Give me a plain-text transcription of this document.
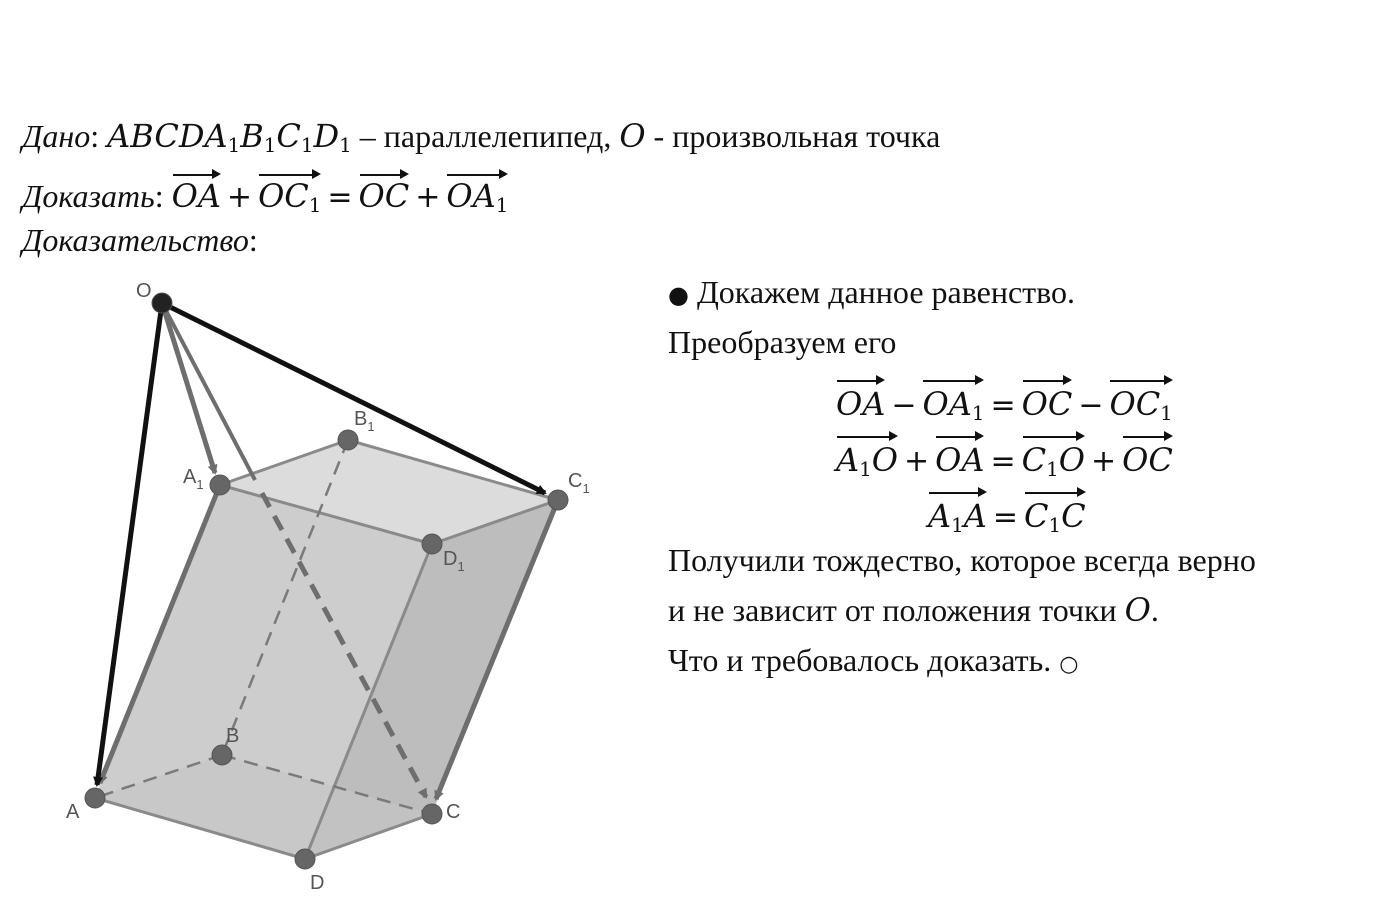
Дано: $ABCDA_1B_1C_1D_1$ – параллелепипед, O - произвольная точка
Доказать: OA + $OC_1$ = OC + $OA_1$
Доказательство:
● Докажем данное равенство.
Преобразуем его
OA − $OA_1$ = OC − $OC_1$
$A_1O$ + OA = $C_1O$ + OC
$A_1A = C_1C$
Получили тождество, которое всегда верно
и не зависит от положения точки O.
Что и требовалось доказать. ○
O
$A_1$
$B_1$
$C_1$
$D_1$
A
B
C
D
